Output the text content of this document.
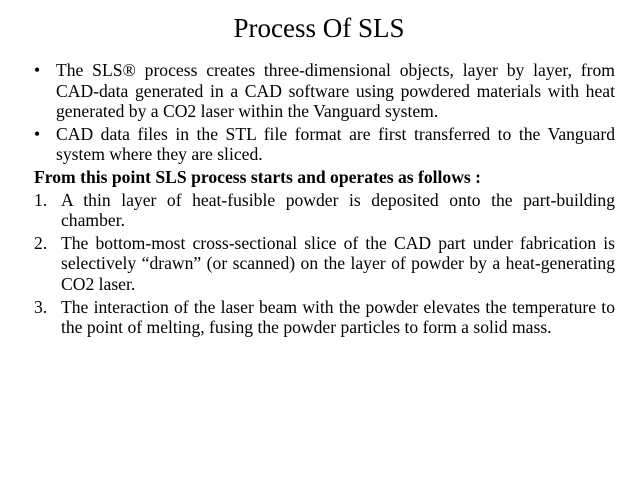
Process Of SLS
• The SLS® process creates three-dimensional objects, layer by layer, from CAD-data generated in a CAD software using powdered materials with heat generated by a CO2 laser within the Vanguard system.
• CAD data files in the STL file format are first transferred to the Vanguard system where they are sliced.
From this point SLS process starts and operates as follows :
1. A thin layer of heat-fusible powder is deposited onto the part-building chamber.
2. The bottom-most cross-sectional slice of the CAD part under fabrication is selectively “drawn” (or scanned) on the layer of powder by a heat-generating CO2 laser.
3. The interaction of the laser beam with the powder elevates the temperature to the point of melting, fusing the powder particles to form a solid mass.
